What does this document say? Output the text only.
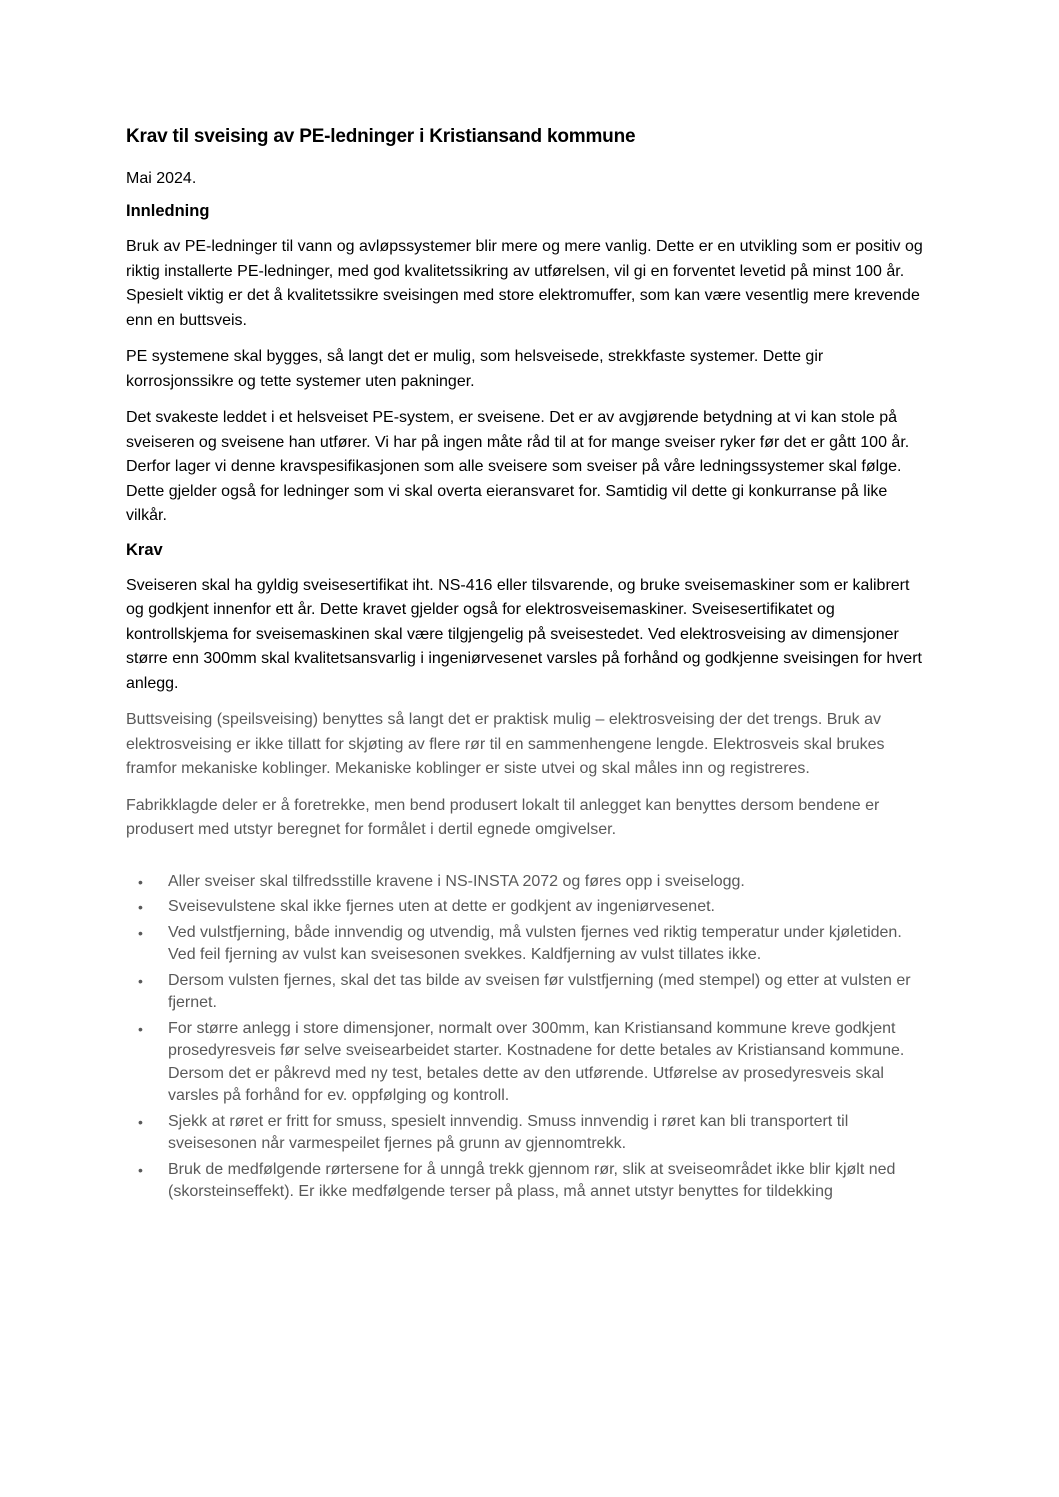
Krav til sveising av PE-ledninger i Kristiansand kommune

Mai 2024.

Innledning

Bruk av PE-ledninger til vann og avløpssystemer blir mere og mere vanlig. Dette er en utvikling som er positiv og riktig installerte PE-ledninger, med god kvalitetssikring av utførelsen, vil gi en forventet levetid på minst 100 år. Spesielt viktig er det å kvalitetssikre sveisingen med store elektromuffer, som kan være vesentlig mere krevende enn en buttsveis.

PE systemene skal bygges, så langt det er mulig, som helsveisede, strekkfaste systemer. Dette gir korrosjonssikre og tette systemer uten pakninger.

Det svakeste leddet i et helsveiset PE-system, er sveisene. Det er av avgjørende betydning at vi kan stole på sveiseren og sveisene han utfører. Vi har på ingen måte råd til at for mange sveiser ryker før det er gått 100 år. Derfor lager vi denne kravspesifikasjonen som alle sveisere som sveiser på våre ledningssystemer skal følge. Dette gjelder også for ledninger som vi skal overta eieransvaret for. Samtidig vil dette gi konkurranse på like vilkår.

Krav

Sveiseren skal ha gyldig sveisesertifikat iht. NS-416 eller tilsvarende, og bruke sveisemaskiner som er kalibrert og godkjent innenfor ett år. Dette kravet gjelder også for elektrosveisemaskiner. Sveisesertifikatet og kontrollskjema for sveisemaskinen skal være tilgjengelig på sveisestedet. Ved elektrosveising av dimensjoner større enn 300mm skal kvalitetsansvarlig i ingeniørvesenet varsles på forhånd og godkjenne sveisingen for hvert anlegg.

Buttsveising (speilsveising) benyttes så langt det er praktisk mulig – elektrosveising der det trengs. Bruk av elektrosveising er ikke tillatt for skjøting av flere rør til en sammenhengene lengde. Elektrosveis skal brukes framfor mekaniske koblinger. Mekaniske koblinger er siste utvei og skal måles inn og registreres.

Fabrikklagde deler er å foretrekke, men bend produsert lokalt til anlegget kan benyttes dersom bendene er produsert med utstyr beregnet for formålet i dertil egnede omgivelser.

• Aller sveiser skal tilfredsstille kravene i NS-INSTA 2072 og føres opp i sveiselogg.
• Sveisevulstene skal ikke fjernes uten at dette er godkjent av ingeniørvesenet.
• Ved vulstfjerning, både innvendig og utvendig, må vulsten fjernes ved riktig temperatur under kjøletiden. Ved feil fjerning av vulst kan sveisesonen svekkes. Kaldfjerning av vulst tillates ikke.
• Dersom vulsten fjernes, skal det tas bilde av sveisen før vulstfjerning (med stempel) og etter at vulsten er fjernet.
• For større anlegg i store dimensjoner, normalt over 300mm, kan Kristiansand kommune kreve godkjent prosedyresveis før selve sveisearbeidet starter. Kostnadene for dette betales av Kristiansand kommune. Dersom det er påkrevd med ny test, betales dette av den utførende. Utførelse av prosedyresveis skal varsles på forhånd for ev. oppfølging og kontroll.
• Sjekk at røret er fritt for smuss, spesielt innvendig. Smuss innvendig i røret kan bli transportert til sveisesonen når varmespeilet fjernes på grunn av gjennomtrekk.
• Bruk de medfølgende rørtersene for å unngå trekk gjennom rør, slik at sveiseområdet ikke blir kjølt ned (skorsteinseffekt). Er ikke medfølgende terser på plass, må annet utstyr benyttes for tildekking
